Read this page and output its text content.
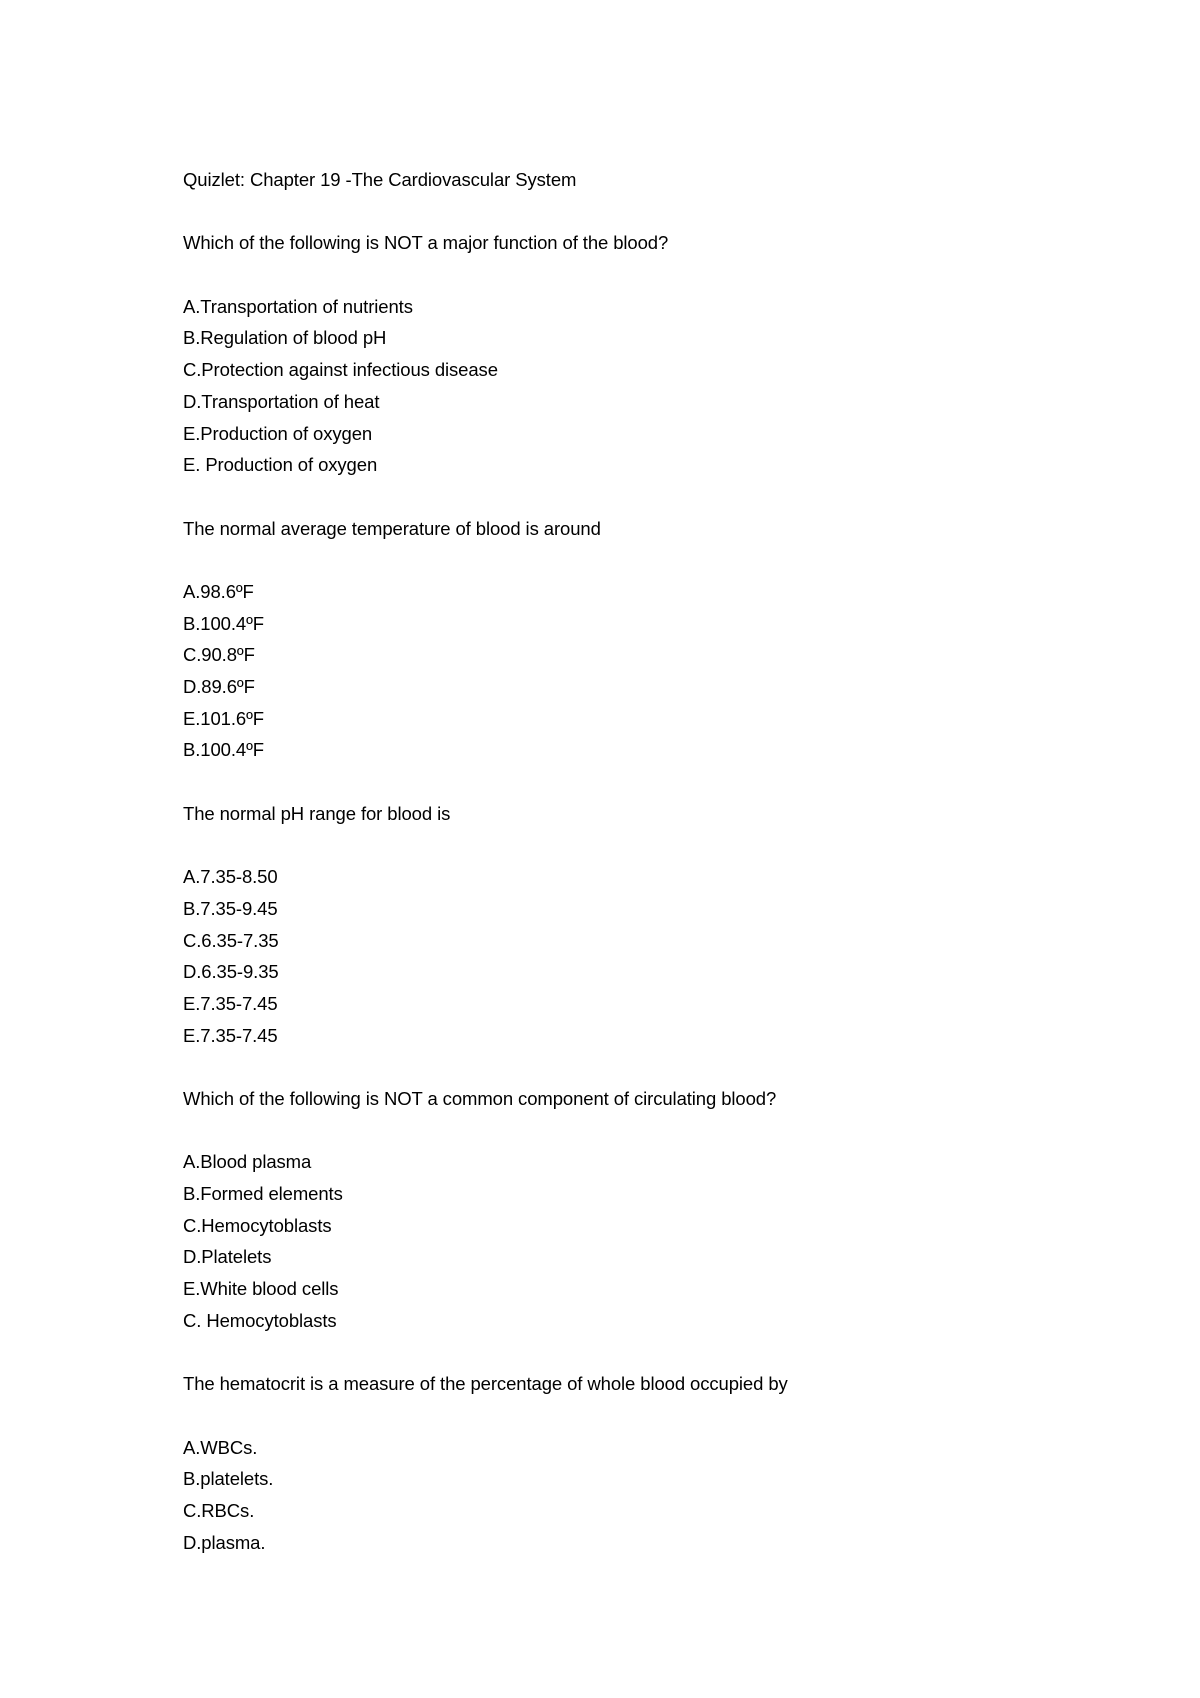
Quizlet: Chapter 19 -The Cardiovascular System
Which of the following is NOT a major function of the blood?
A.Transportation of nutrients
B.Regulation of blood pH
C.Protection against infectious disease
D.Transportation of heat
E.Production of oxygen
E. Production of oxygen
The normal average temperature of blood is around
A.98.6ºF
B.100.4ºF
C.90.8ºF
D.89.6ºF
E.101.6ºF
B.100.4ºF
The normal pH range for blood is
A.7.35-8.50
B.7.35-9.45
C.6.35-7.35
D.6.35-9.35
E.7.35-7.45
E.7.35-7.45
Which of the following is NOT a common component of circulating blood?
A.Blood plasma
B.Formed elements
C.Hemocytoblasts
D.Platelets
E.White blood cells
C. Hemocytoblasts
The hematocrit is a measure of the percentage of whole blood occupied by
A.WBCs.
B.platelets.
C.RBCs.
D.plasma.
